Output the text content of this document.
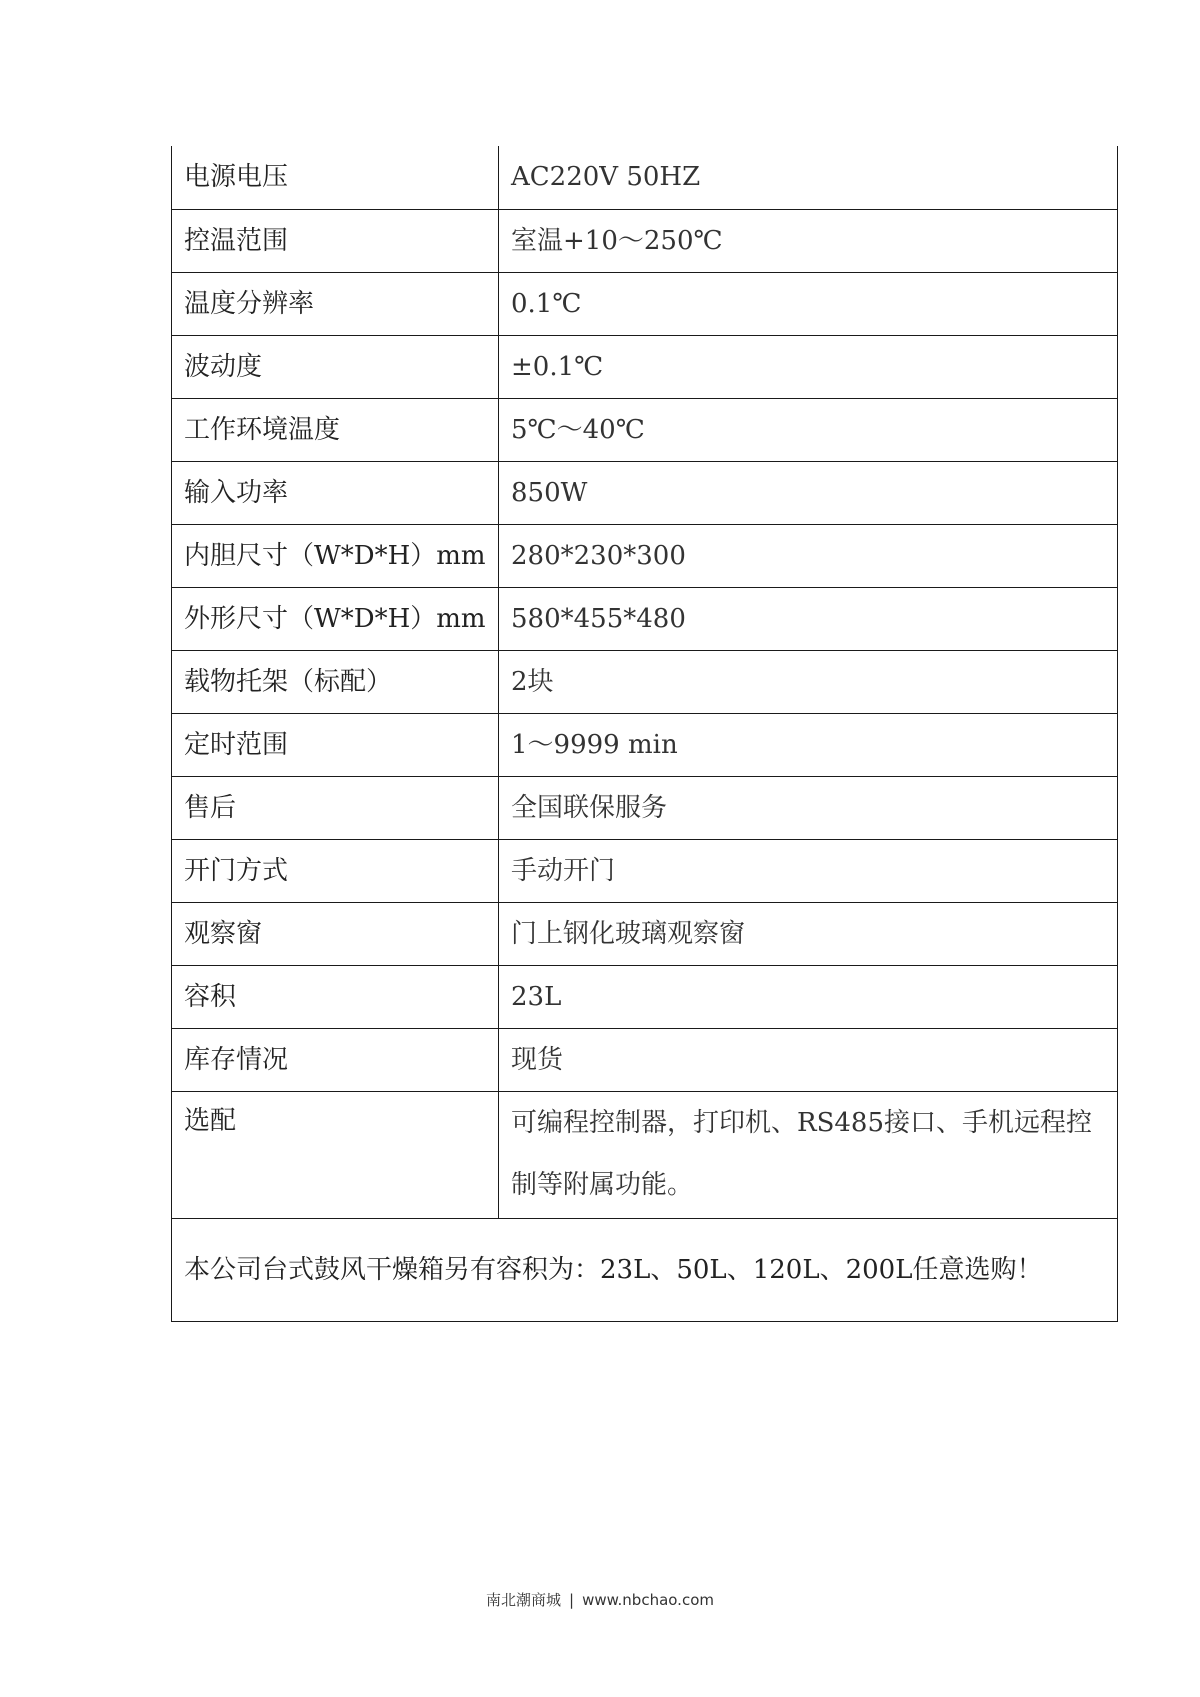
电源电压	AC220V 50HZ
控温范围	室温+10～250℃
温度分辨率	0.1℃
波动度	±0.1℃
工作环境温度	5℃～40℃
输入功率	850W
内胆尺寸（W*D*H）mm	280*230*300
外形尺寸（W*D*H）mm	580*455*480
载物托架（标配）	2块
定时范围	1～9999 min
售后	全国联保服务
开门方式	手动开门
观察窗	门上钢化玻璃观察窗
容积	23L
库存情况	现货
选配	可编程控制器，打印机、RS485接口、手机远程控制等附属功能。
本公司台式鼓风干燥箱另有容积为：23L、50L、120L、200L任意选购！	
南北潮商城 | www.nbchao.com
